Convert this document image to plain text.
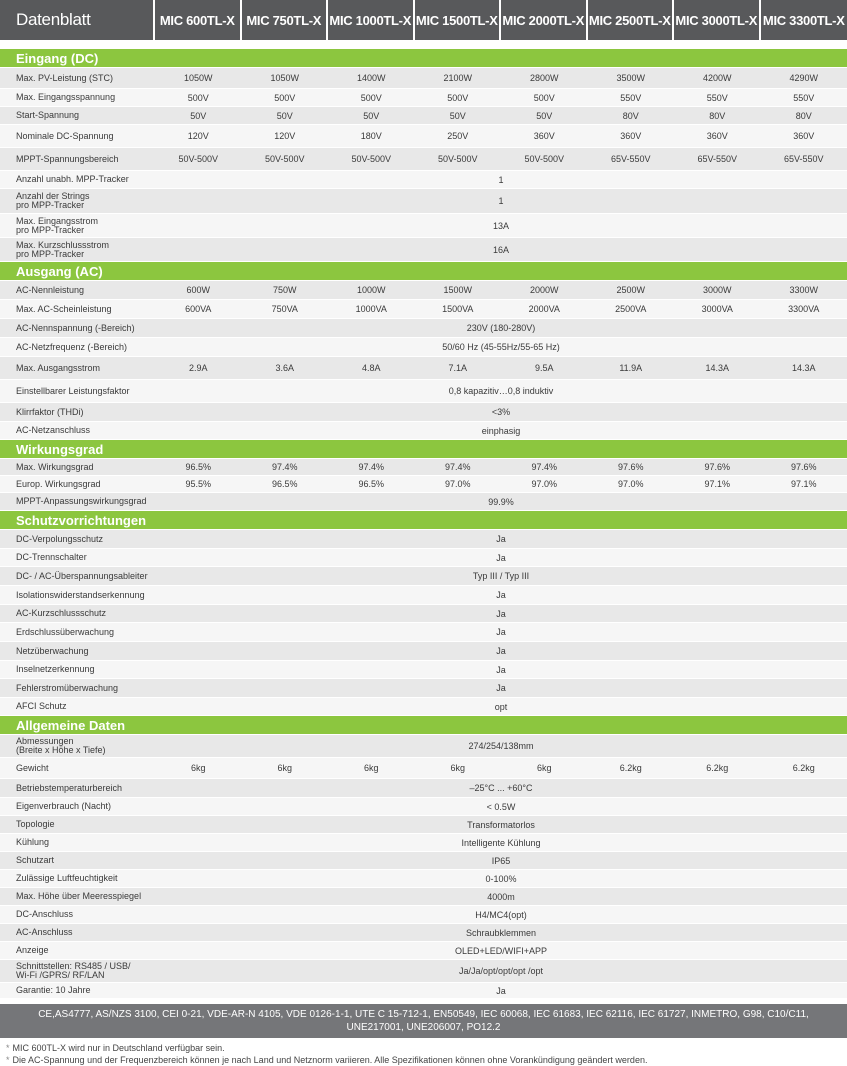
Datenblatt	MIC 600TL-X	MIC 750TL-X	MIC 1000TL-X	MIC 1500TL-X	MIC 2000TL-X	MIC 2500TL-X	MIC 3000TL-X	MIC 3300TL-X

Eingang (DC)								
Max. PV-Leistung (STC)	1050W	1050W	1400W	2100W	2800W	3500W	4200W	4290W
Max. Eingangsspannung	500V	500V	500V	500V	500V	550V	550V	550V
Start-Spannung	50V	50V	50V	50V	50V	80V	80V	80V
Nominale DC-Spannung	120V	120V	180V	250V	360V	360V	360V	360V
MPPT-Spannungsbereich	50V-500V	50V-500V	50V-500V	50V-500V	50V-500V	65V-550V	65V-550V	65V-550V
Anzahl unabh. MPP-Tracker	1							
Anzahl der Strings
pro MPP-Tracker	1							
Max. Eingangsstrom
pro MPP-Tracker	13A							
Max. Kurzschlussstrom
pro MPP-Tracker	16A							
Ausgang (AC)								
AC-Nennleistung	600W	750W	1000W	1500W	2000W	2500W	3000W	3300W
Max. AC-Scheinleistung	600VA	750VA	1000VA	1500VA	2000VA	2500VA	3000VA	3300VA
AC-Nennspannung (-Bereich)	230V (180-280V)							
AC-Netzfrequenz (-Bereich)	50/60 Hz (45-55Hz/55-65 Hz)							
Max. Ausgangsstrom	2.9A	3.6A	4.8A	7.1A	9.5A	11.9A	14.3A	14.3A
Einstellbarer Leistungsfaktor	0,8 kapazitiv…0,8 induktiv							
Klirrfaktor (THDi)	<3%							
AC-Netzanschluss	einphasig							
Wirkungsgrad								
Max. Wirkungsgrad	96.5%	97.4%	97.4%	97.4%	97.4%	97.6%	97.6%	97.6%
Europ. Wirkungsgrad	95.5%	96.5%	96.5%	97.0%	97.0%	97.0%	97.1%	97.1%
MPPT-Anpassungswirkungsgrad	99.9%							
Schutzvorrichtungen								
DC-Verpolungsschutz	Ja							
DC-Trennschalter	Ja							
DC- / AC-Überspannungsableiter	Typ III / Typ III							
Isolationswiderstandserkennung	Ja							
AC-Kurzschlussschutz	Ja							
Erdschlussüberwachung	Ja							
Netzüberwachung	Ja							
Inselnetzerkennung	Ja							
Fehlerstromüberwachung	Ja							
AFCI Schutz	opt							
Allgemeine Daten								
Abmessungen
(Breite x Höhe x Tiefe)	274/254/138mm							
Gewicht	6kg	6kg	6kg	6kg	6kg	6.2kg	6.2kg	6.2kg
Betriebstemperaturbereich	–25°C ... +60°C							
Eigenverbrauch (Nacht)	< 0.5W							
Topologie	Transformatorlos							
Kühlung	Intelligente Kühlung							
Schutzart	IP65							
Zulässige Luftfeuchtigkeit	0-100%							
Max. Höhe über Meeresspiegel	4000m							
DC-Anschluss	H4/MC4(opt)							
AC-Anschluss	Schraubklemmen							
Anzeige	OLED+LED/WIFI+APP							
Schnittstellen: RS485 / USB/
Wi-Fi /GPRS/ RF/LAN	Ja/Ja/opt/opt/opt /opt							
Garantie: 10 Jahre	Ja							
CE,AS4777, AS/NZS 3100, CEI 0-21, VDE-AR-N 4105, VDE 0126-1-1, UTE C 15-712-1, EN50549, IEC 60068, IEC 61683, IEC 62116, IEC 61727, INMETRO, G98, C10/C11, UNE217001, UNE206007, PO12.2								
* MIC 600TL-X wird nur in Deutschland verfügbar sein.
* Die AC-Spannung und der Frequenzbereich können je nach Land und Netznorm variieren. Alle Spezifikationen können ohne Vorankündigung geändert werden.
